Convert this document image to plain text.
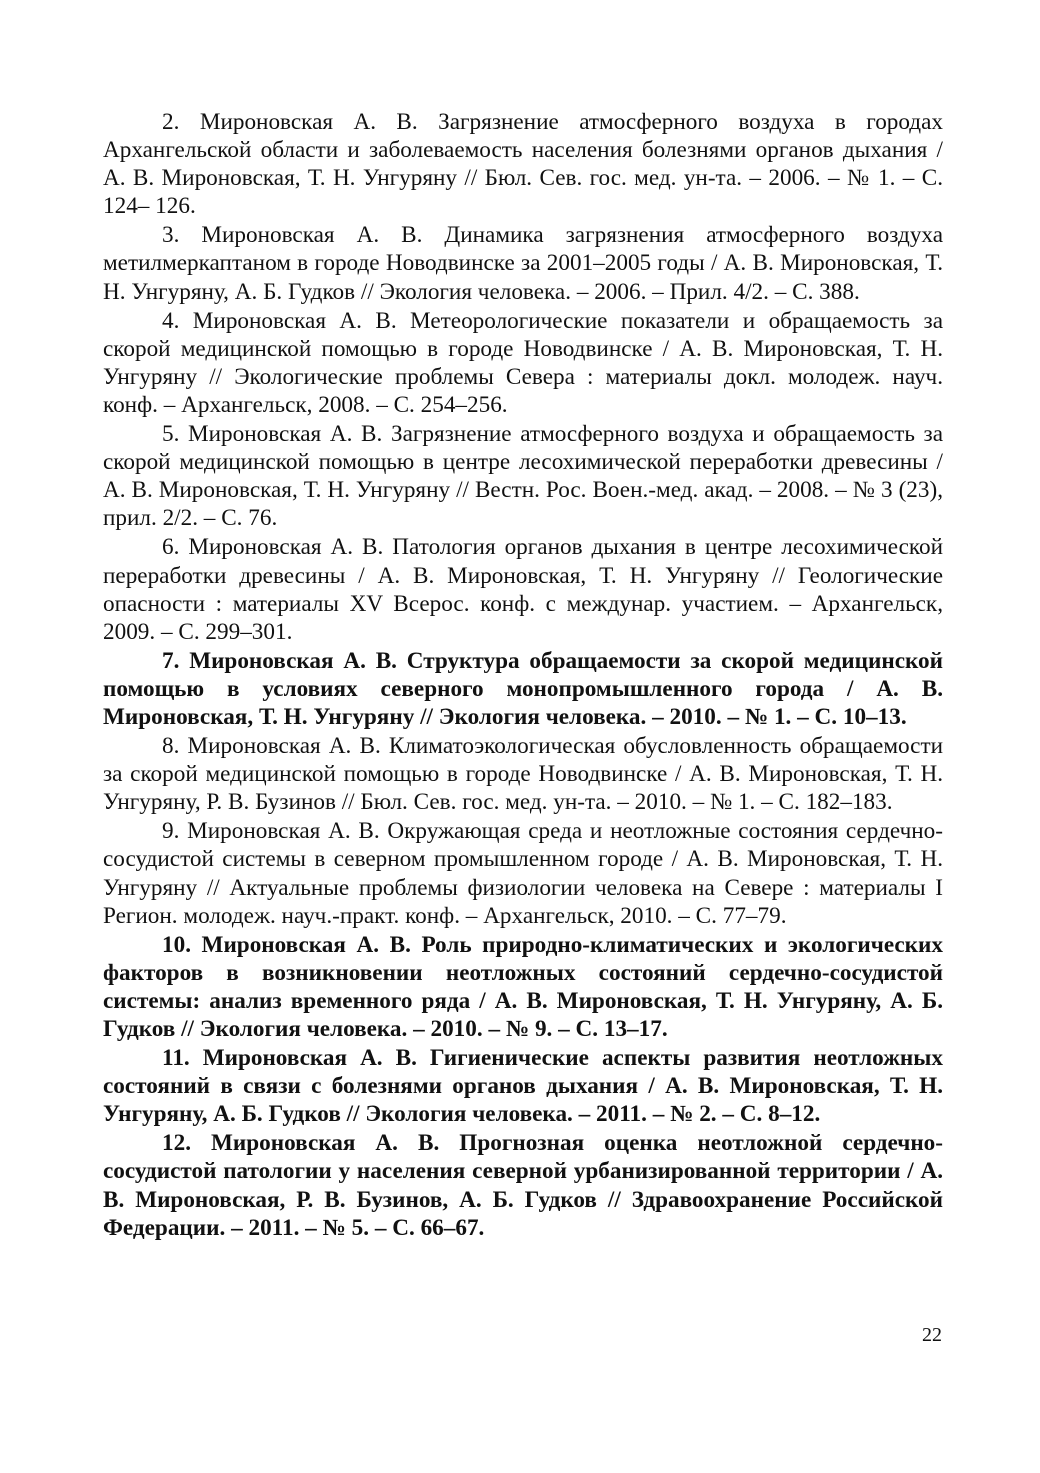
2. Мироновская А. В. Загрязнение атмосферного воздуха в городах Архангельской области и заболеваемость населения болезнями органов дыхания / А. В. Мироновская, Т. Н. Унгуряну // Бюл. Сев. гос. мед. ун-та. – 2006. – № 1. – С. 124– 126.

3. Мироновская А. В. Динамика загрязнения атмосферного воздуха метилмеркаптаном в городе Новодвинске за 2001–2005 годы / А. В. Мироновская, Т. Н. Унгуряну, А. Б. Гудков // Экология человека. – 2006. – Прил. 4/2. – С. 388.

4. Мироновская А. В. Метеорологические показатели и обращаемость за скорой медицинской помощью в городе Новодвинске / А. В. Мироновская, Т. Н. Унгуряну // Экологические проблемы Севера : материалы докл. молодеж. науч. конф. – Архангельск, 2008. – С. 254–256.

5. Мироновская А. В. Загрязнение атмосферного воздуха и обращаемость за скорой медицинской помощью в центре лесохимической переработки древесины / А. В. Мироновская, Т. Н. Унгуряну // Вестн. Рос. Воен.-мед. акад. – 2008. – № 3 (23), прил. 2/2. – С. 76.

6. Мироновская А. В. Патология органов дыхания в центре лесохимической переработки древесины / А. В. Мироновская, Т. Н. Унгуряну // Геологические опасности : материалы XV Всерос. конф. с междунар. участием. – Архангельск, 2009. – С. 299–301.

7. Мироновская А. В. Структура обращаемости за скорой медицинской помощью в условиях северного монопромышленного города / А. В. Мироновская, Т. Н. Унгуряну // Экология человека. – 2010. – № 1. – С. 10–13.

8. Мироновская А. В. Климатоэкологическая обусловленность обращаемости за скорой медицинской помощью в городе Новодвинске / А. В. Мироновская, Т. Н. Унгуряну, Р. В. Бузинов // Бюл. Сев. гос. мед. ун-та. – 2010. – № 1. – С. 182–183.

9. Мироновская А. В. Окружающая среда и неотложные состояния сердечно-сосудистой системы в северном промышленном городе / А. В. Мироновская, Т. Н. Унгуряну // Актуальные проблемы физиологии человека на Севере : материалы I Регион. молодеж. науч.-практ. конф. – Архангельск, 2010. – С. 77–79.

10. Мироновская А. В. Роль природно-климатических и экологических факторов в возникновении неотложных состояний сердечно-сосудистой системы: анализ временного ряда / А. В. Мироновская, Т. Н. Унгуряну, А. Б. Гудков // Экология человека. – 2010. – № 9. – С. 13–17.

11. Мироновская А. В. Гигиенические аспекты развития неотложных состояний в связи с болезнями органов дыхания / А. В. Мироновская, Т. Н. Унгуряну, А. Б. Гудков // Экология человека. – 2011. – № 2. – С. 8–12.

12. Мироновская А. В. Прогнозная оценка неотложной сердечно-сосудистой патологии у населения северной урбанизированной территории / А. В. Мироновская, Р. В. Бузинов, А. Б. Гудков // Здравоохранение Российской Федерации. – 2011. – № 5. – С. 66–67.

22
